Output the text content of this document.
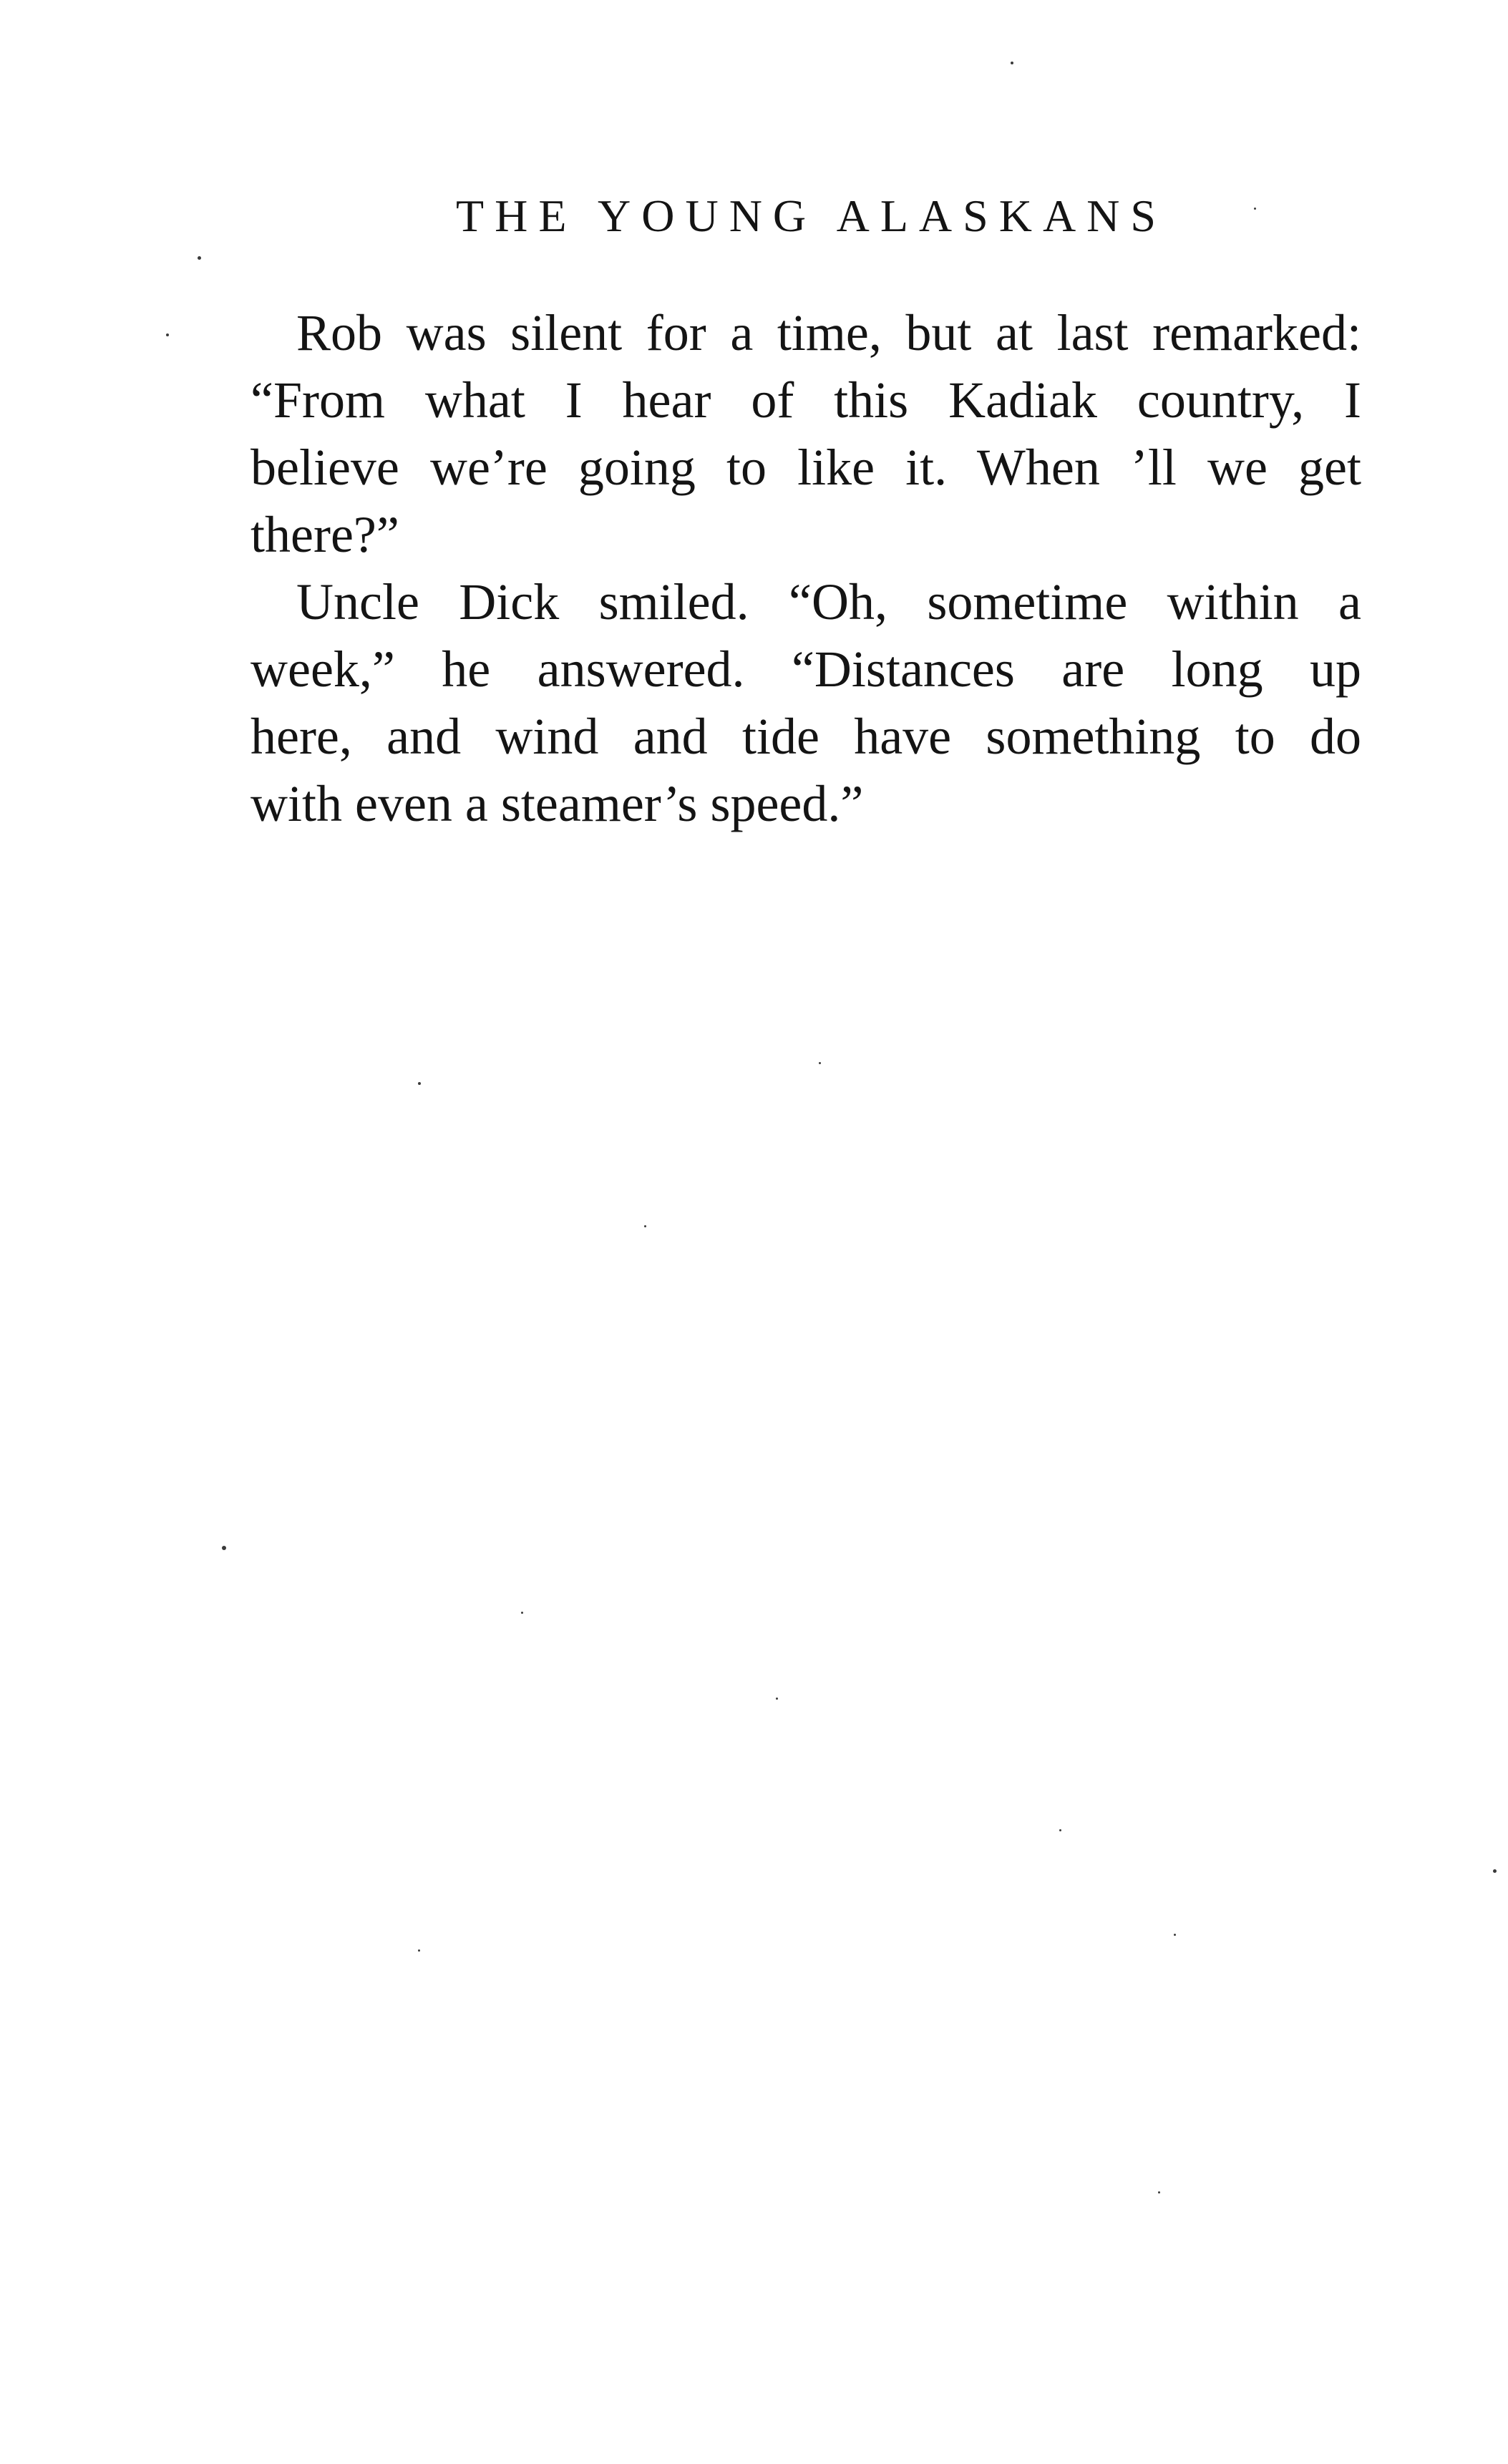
THE YOUNG ALASKANS
Rob was silent for a time, but at last remarked:
“From what I hear of this Kadiak country, I
believe we’re going to like it. When ’ll we get
there?”
Uncle Dick smiled. “Oh, sometime within a
week,” he answered. “Distances are long up
here, and wind and tide have something to do
with even a steamer’s speed.”
